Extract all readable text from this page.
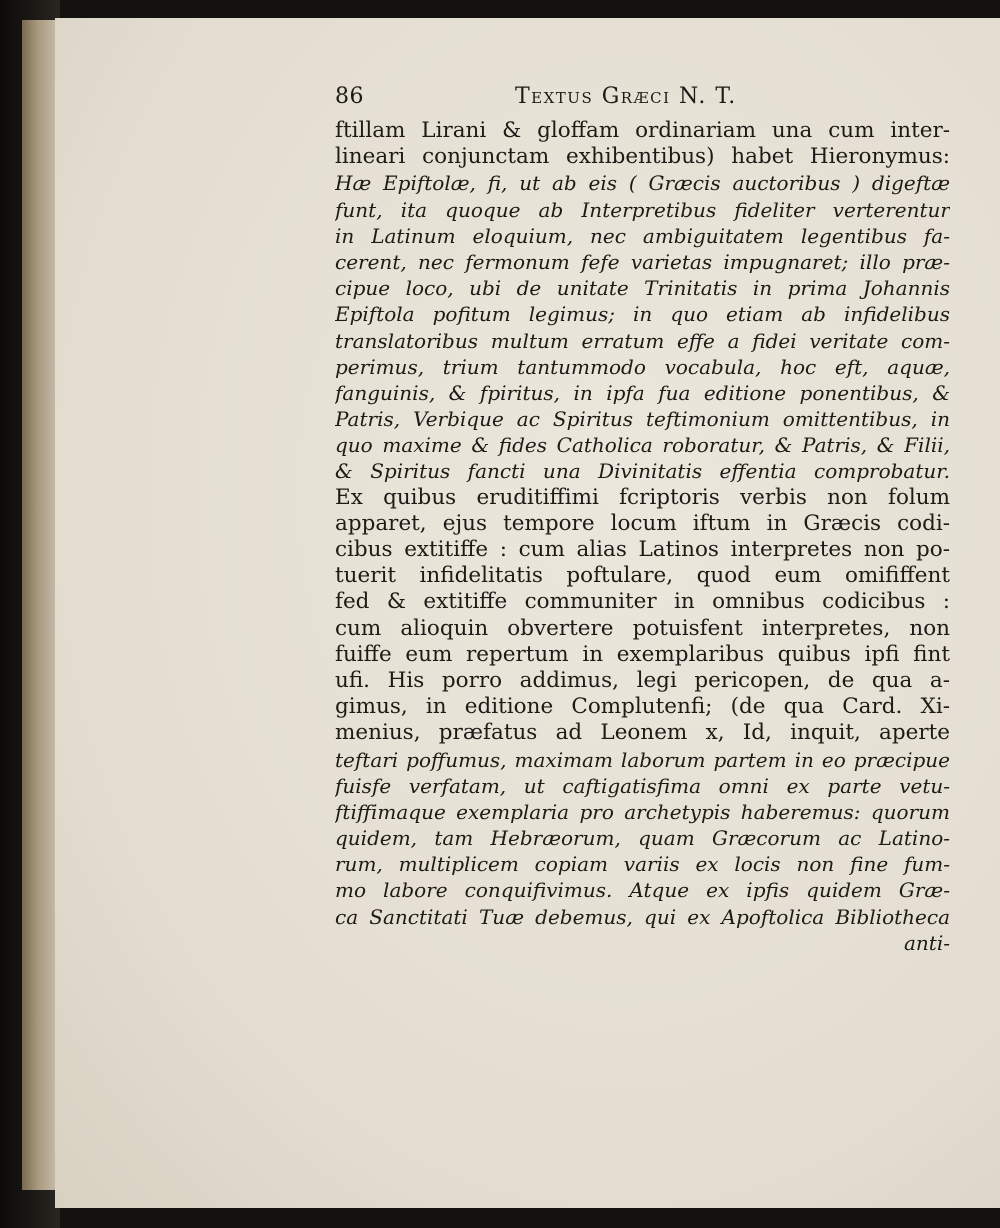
86	Textus Græci N. T.
ftillam Lirani & gloffam ordinariam una cum inter-
lineari conjunctam exhibentibus) habet Hieronymus:
Hæ Epiftolæ, fi, ut ab eis ( Græcis auctoribus ) digeftæ
funt, ita quoque ab Interpretibus fideliter verterentur
in Latinum eloquium, nec ambiguitatem legentibus fa-
cerent, nec fermonum fefe varietas impugnaret; illo præ-
cipue loco, ubi de unitate Trinitatis in prima Johannis
Epiftola pofitum legimus; in quo etiam ab infidelibus
translatoribus multum erratum effe a fidei veritate com-
perimus, trium tantummodo vocabula, hoc eft, aquæ,
fanguinis, & fpiritus, in ipfa fua editione ponentibus, &
Patris, Verbique ac Spiritus teftimonium omittentibus, in
quo maxime & fides Catholica roboratur, & Patris, & Filii,
& Spiritus fancti una Divinitatis effentia comprobatur.
Ex quibus eruditiffimi fcriptoris verbis non folum
apparet, ejus tempore locum iftum in Græcis codi-
cibus extitiffe : cum alias Latinos interpretes non po-
tuerit infidelitatis poftulare, quod eum omififfent
fed & extitiffe communiter in omnibus codicibus :
cum alioquin obvertere potuisfent interpretes, non
fuiffe eum repertum in exemplaribus quibus ipfi fint
ufi. His porro addimus, legi pericopen, de qua a-
gimus, in editione Complutenfi; (de qua Card. Xi-
menius, præfatus ad Leonem x, Id, inquit, aperte
teftari poffumus, maximam laborum partem in eo præcipue
fuisfe verfatam, ut caftigatisfima omni ex parte vetu-
ftiffimaque exemplaria pro archetypis haberemus: quorum
quidem, tam Hebræorum, quam Græcorum ac Latino-
rum, multiplicem copiam variis ex locis non fine fum-
mo labore conquifivimus. Atque ex ipfis quidem Græ-
ca Sanctitati Tuæ debemus, qui ex Apoftolica Bibliotheca
anti-
